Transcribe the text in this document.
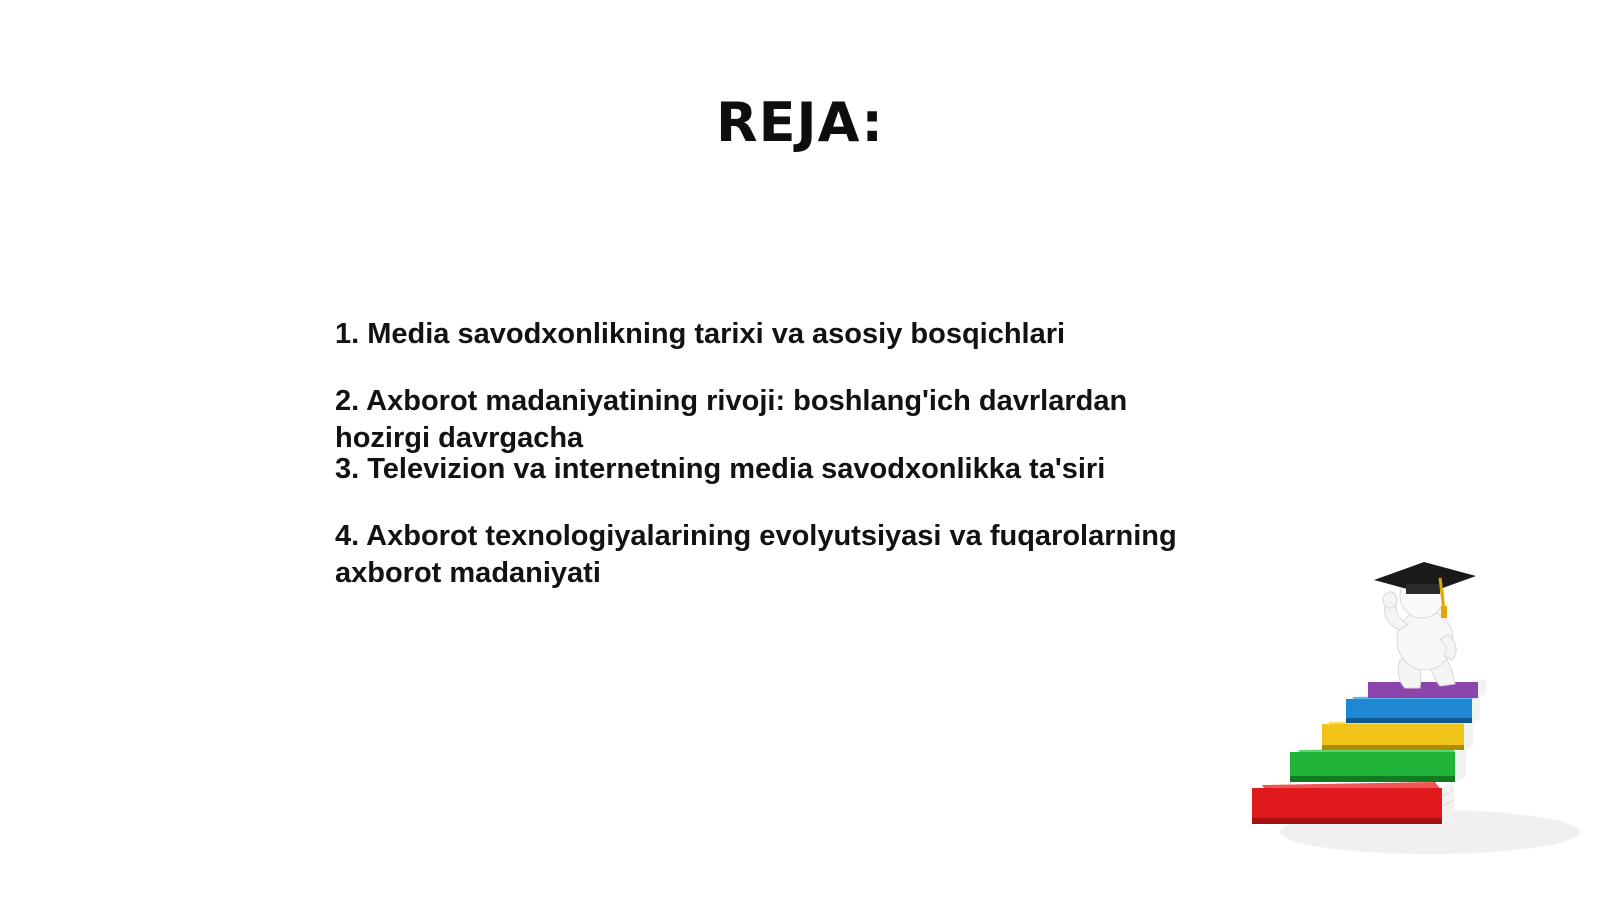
REJA:

1. Media savodxonlikning tarixi va asosiy bosqichlari

2. Axborot madaniyatining rivoji: boshlang'ich davrlardan hozirgi davrgacha

3. Televizion va internetning media savodxonlikka ta'siri

4. Axborot texnologiyalarining evolyutsiyasi va fuqarolarning axborot madaniyati
